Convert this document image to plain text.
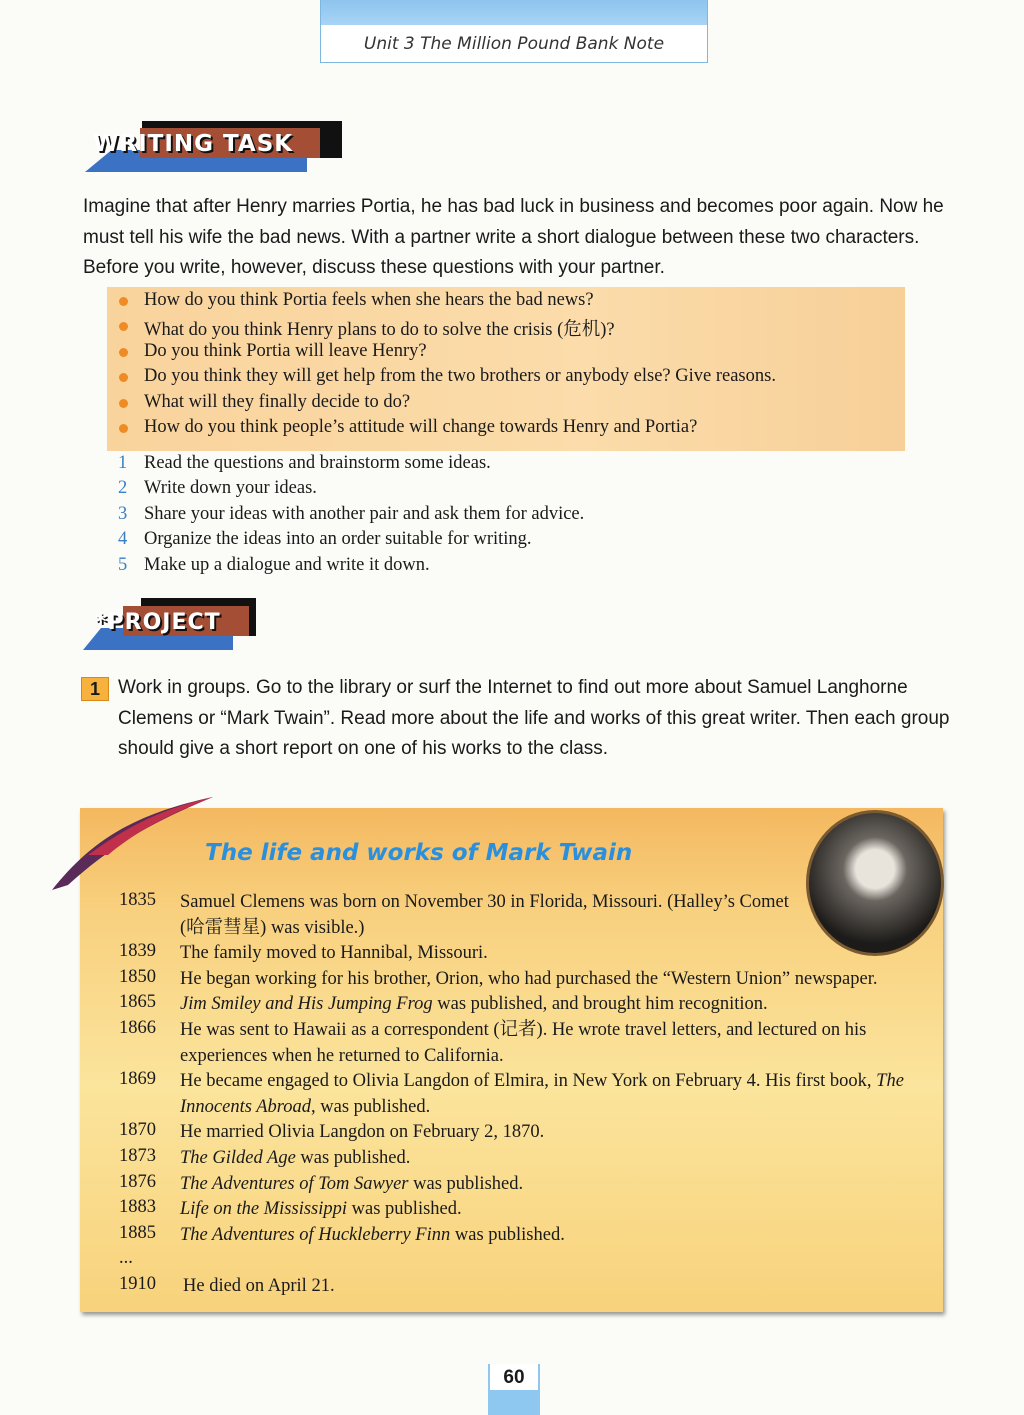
Unit 3 The Million Pound Bank Note
WRITING TASK
Imagine that after Henry marries Portia, he has bad luck in business and becomes poor again. Now he must tell his wife the bad news. With a partner write a short dialogue between these two characters. Before you write, however, discuss these questions with your partner.
How do you think Portia feels when she hears the bad news?
What do you think Henry plans to do to solve the crisis (危机)?
Do you think Portia will leave Henry?
Do you think they will get help from the two brothers or anybody else? Give reasons.
What will they finally decide to do?
How do you think people’s attitude will change towards Henry and Portia?
1 Read the questions and brainstorm some ideas.
2 Write down your ideas.
3 Share your ideas with another pair and ask them for advice.
4 Organize the ideas into an order suitable for writing.
5 Make up a dialogue and write it down.
*PROJECT
1 Work in groups. Go to the library or surf the Internet to find out more about Samuel Langhorne Clemens or “Mark Twain”. Read more about the life and works of this great writer. Then each group should give a short report on one of his works to the class.
The life and works of Mark Twain
1835 Samuel Clemens was born on November 30 in Florida, Missouri. (Halley’s Comet (哈雷彗星) was visible.)
1839 The family moved to Hannibal, Missouri.
1850 He began working for his brother, Orion, who had purchased the “Western Union” newspaper.
1865 Jim Smiley and His Jumping Frog was published, and brought him recognition.
1866 He was sent to Hawaii as a correspondent (记者). He wrote travel letters, and lectured on his experiences when he returned to California.
1869 He became engaged to Olivia Langdon of Elmira, in New York on February 4. His first book, The Innocents Abroad, was published.
1870 He married Olivia Langdon on February 2, 1870.
1873 The Gilded Age was published.
1876 The Adventures of Tom Sawyer was published.
1883 Life on the Mississippi was published.
1885 The Adventures of Huckleberry Finn was published.
...
1910 He died on April 21.
60
